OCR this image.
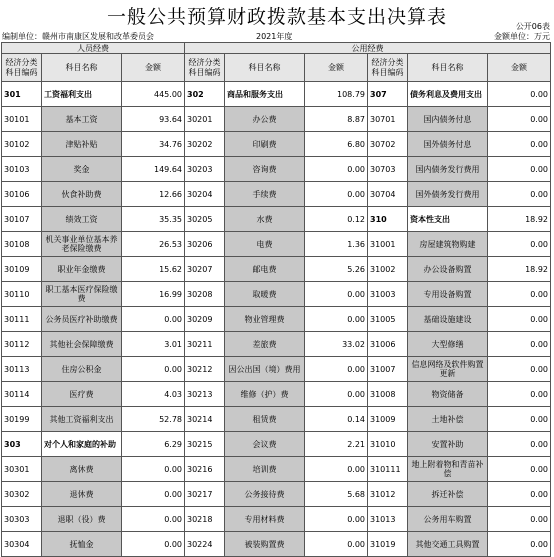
一般公共预算财政拨款基本支出决算表	公开06表
编制单位：赣州市南康区发展和改革委员会	2021年度	金额单位：万元
人员经费			公用经费					
经济分类科目编码	科目名称	金额	经济分类科目编码	科目名称	金额	经济分类科目编码	科目名称	金额
301	工资福利支出	445.00	302	商品和服务支出	108.79	307	债务利息及费用支出	0.00
30101	基本工资	93.64	30201	办公费	8.87	30701	国内债务付息	0.00
30102	津贴补贴	34.76	30202	印刷费	6.80	30702	国外债务付息	0.00
30103	奖金	149.64	30203	咨询费	0.00	30703	国内债务发行费用	0.00
30106	伙食补助费	12.66	30204	手续费	0.00	30704	国外债务发行费用	0.00
30107	绩效工资	35.35	30205	水费	0.12	310	资本性支出	18.92
30108	机关事业单位基本养老保险缴费	26.53	30206	电费	1.36	31001	房屋建筑物购建	0.00
30109	职业年金缴费	15.62	30207	邮电费	5.26	31002	办公设备购置	18.92
30110	职工基本医疗保险缴费	16.99	30208	取暖费	0.00	31003	专用设备购置	0.00
30111	公务员医疗补助缴费	0.00	30209	物业管理费	0.00	31005	基础设施建设	0.00
30112	其他社会保障缴费	3.01	30211	差旅费	33.02	31006	大型修缮	0.00
30113	住房公积金	0.00	30212	因公出国（境）费用	0.00	31007	信息网络及软件购置更新	0.00
30114	医疗费	4.03	30213	维修（护）费	0.00	31008	物资储备	0.00
30199	其他工资福利支出	52.78	30214	租赁费	0.14	31009	土地补偿	0.00
303	对个人和家庭的补助	6.29	30215	会议费	2.21	31010	安置补助	0.00
30301	离休费	0.00	30216	培训费	0.00	310111	地上附着物和青苗补偿	0.00
30302	退休费	0.00	30217	公务接待费	5.68	31012	拆迁补偿	0.00
30303	退职（役）费	0.00	30218	专用材料费	0.00	31013	公务用车购置	0.00
30304	抚恤金	0.00	30224	被装购置费	0.00	31019	其他交通工具购置	0.00
